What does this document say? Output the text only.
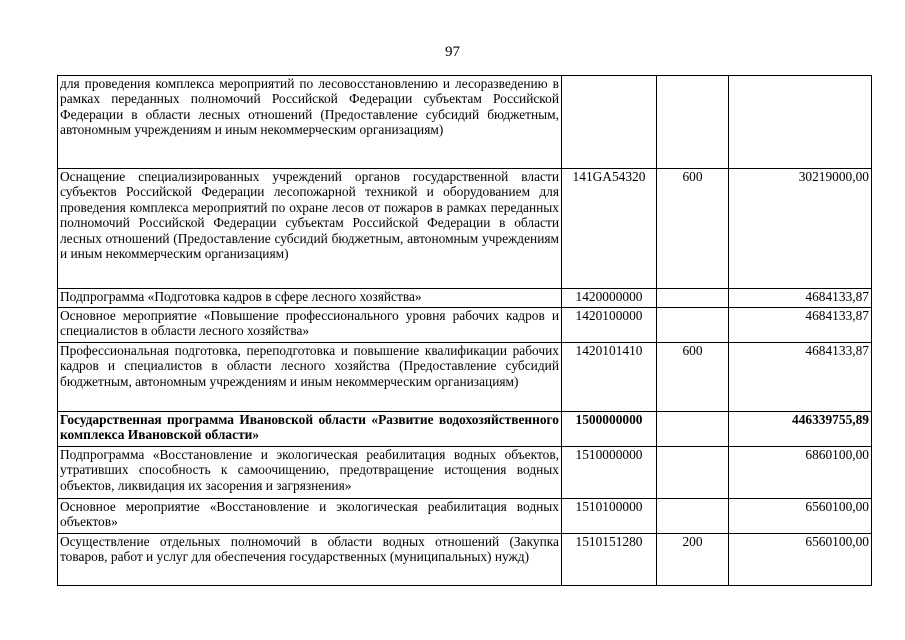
97
для проведения комплекса мероприятий по лесовосстановлению и лесоразведению в рамках переданных полномочий Российской Федерации субъектам Российской Федерации в области лесных отношений (Предоставление субсидий бюджетным, автономным учреждениям и иным некоммерческим организациям)			
Оснащение специализированных учреждений органов государственной власти субъектов Российской Федерации лесопожарной техникой и оборудованием для проведения комплекса мероприятий по охране лесов от пожаров в рамках переданных полномочий Российской Федерации субъектам Российской Федерации в области лесных отношений (Предоставление субсидий бюджетным, автономным учреждениям и иным некоммерческим организациям)	141GA54320	600	30219000,00
Подпрограмма «Подготовка кадров в сфере лесного хозяйства»	1420000000		4684133,87
Основное мероприятие «Повышение профессионального уровня рабочих кадров и специалистов в области лесного хозяйства»	1420100000		4684133,87
Профессиональная подготовка, переподготовка и повышение квалификации рабочих кадров и специалистов в области лесного хозяйства (Предоставление субсидий бюджетным, автономным учреждениям и иным некоммерческим организациям)	1420101410	600	4684133,87
Государственная программа Ивановской области «Развитие водохозяйственного комплекса Ивановской области»	1500000000		446339755,89
Подпрограмма «Восстановление и экологическая реабилитация водных объектов, утративших способность к самоочищению, предотвращение истощения водных объектов, ликвидация их засорения и загрязнения»	1510000000		6860100,00
Основное мероприятие «Восстановление и экологическая реабилитация водных объектов»	1510100000		6560100,00
Осуществление отдельных полномочий в области водных отношений (Закупка товаров, работ и услуг для обеспечения государственных (муниципальных) нужд)	1510151280	200	6560100,00
